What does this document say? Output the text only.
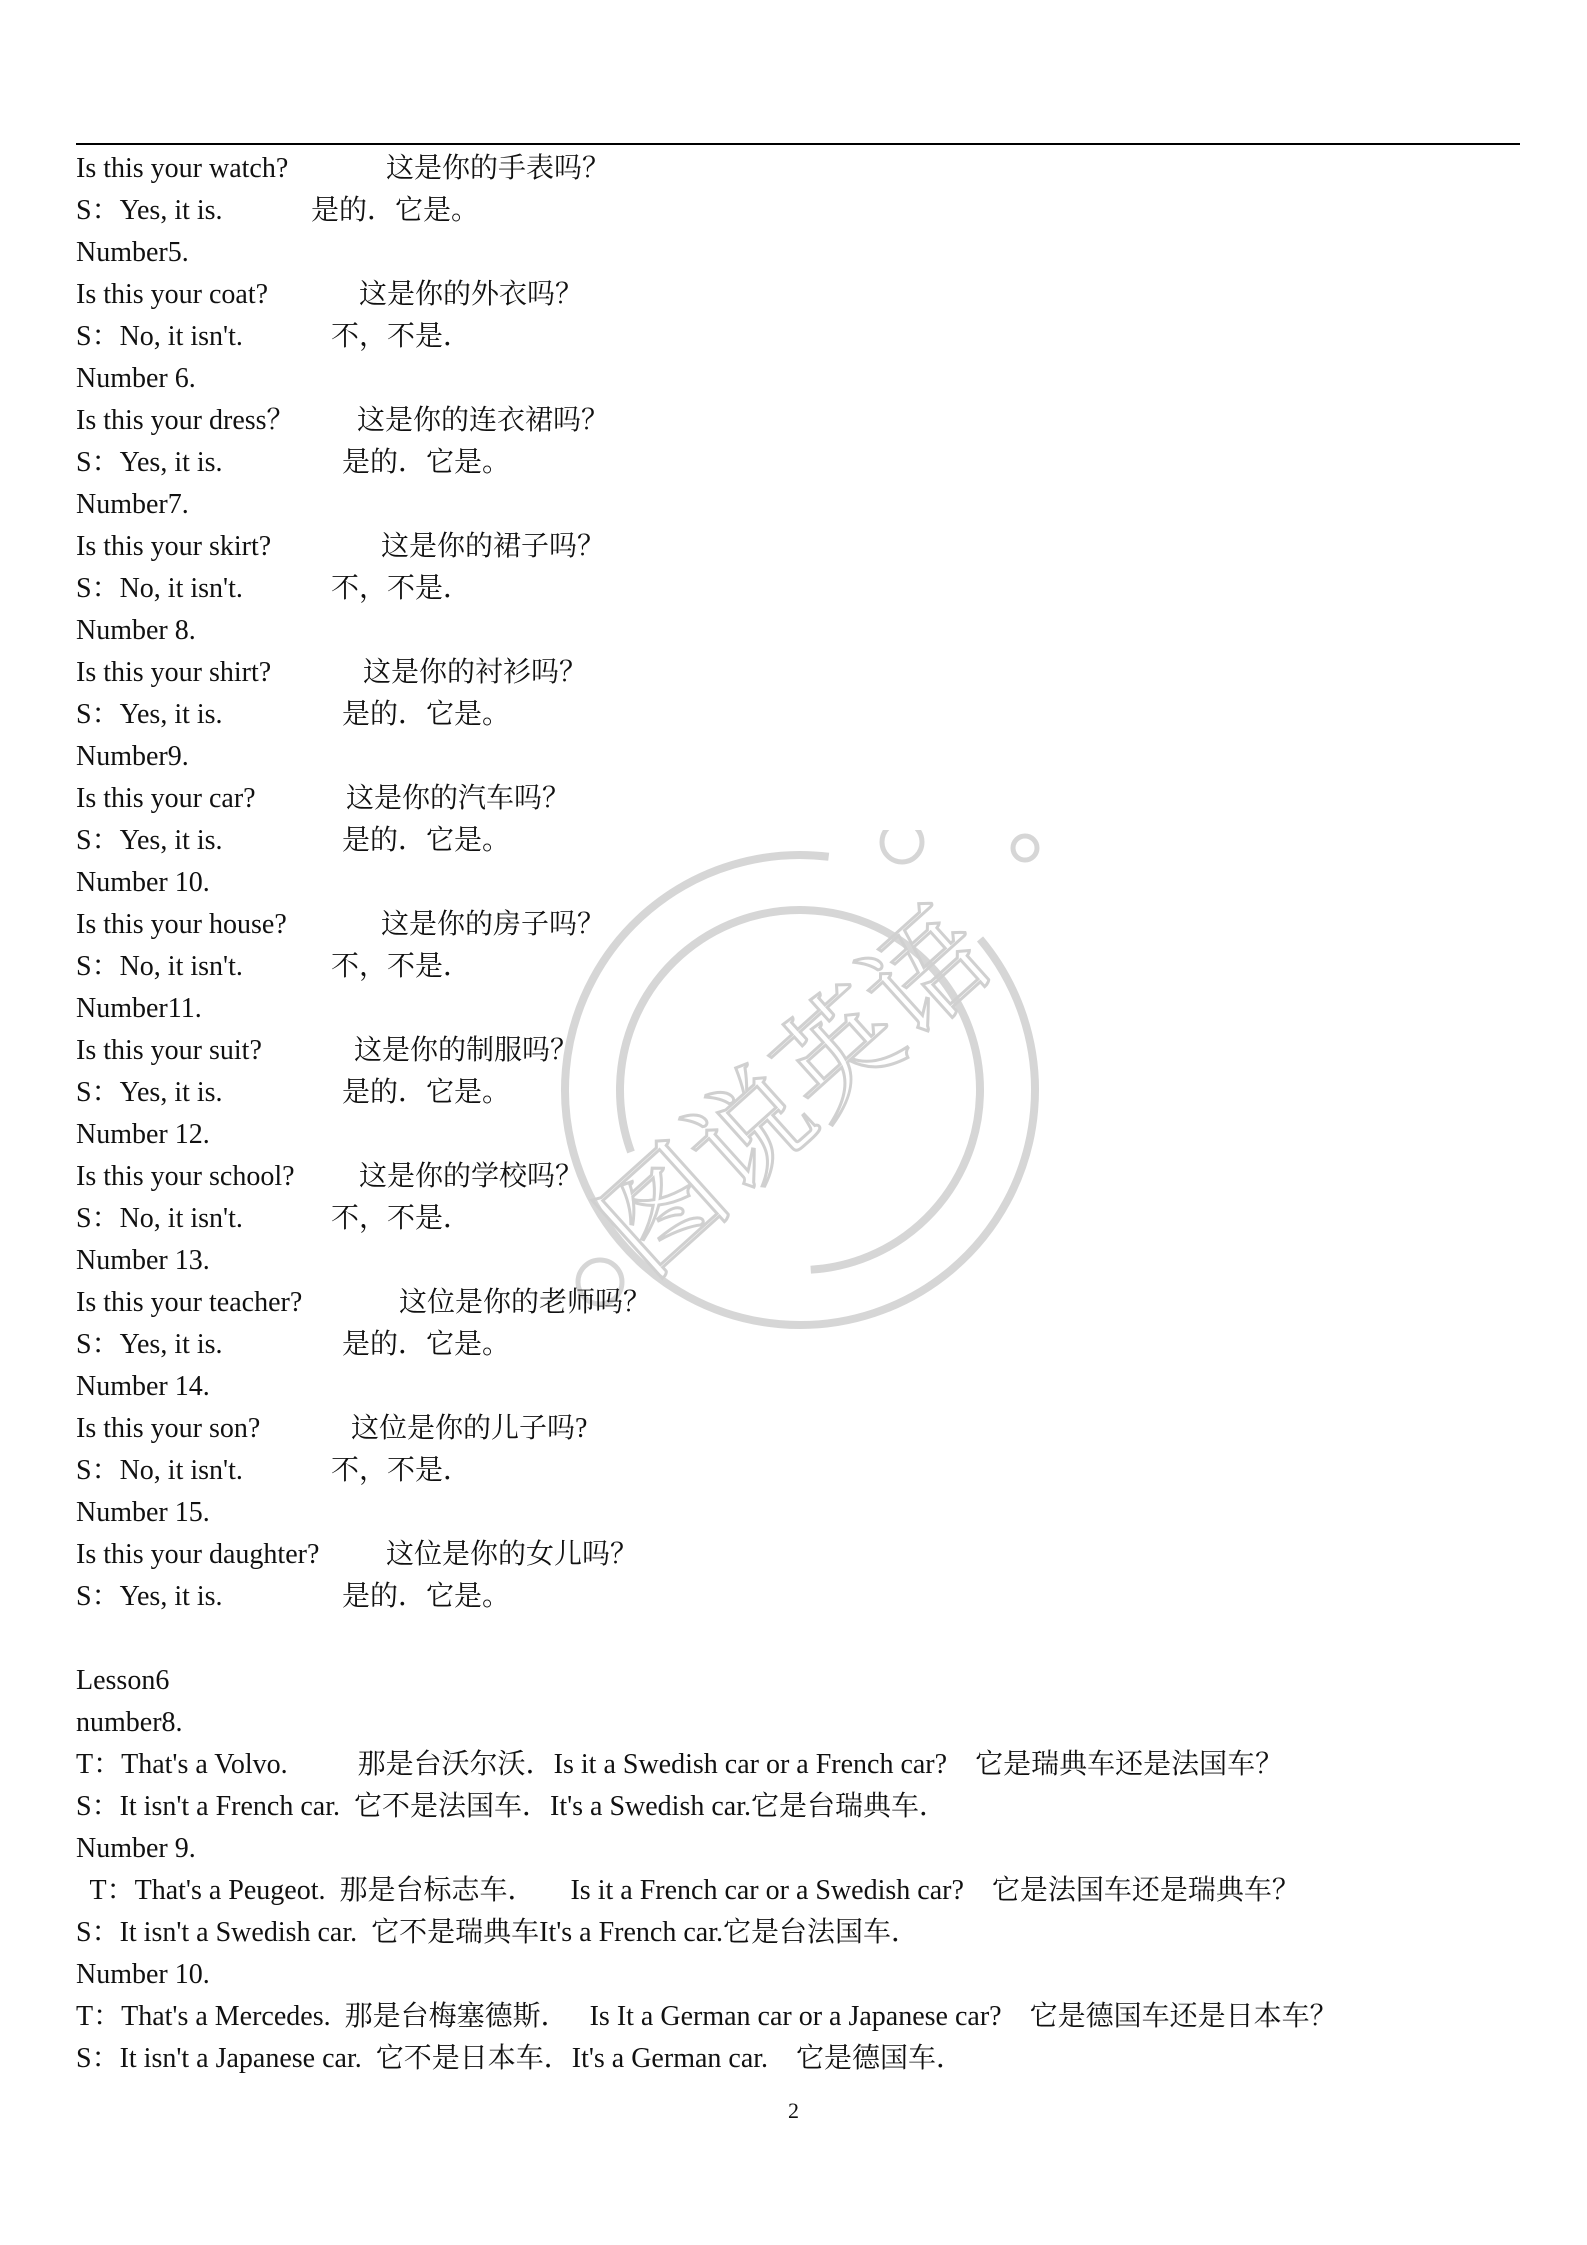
图说英语
Is this your watch?	这是你的手表吗？
S：Yes, it is.	是的．它是。
Number5.
Is this your coat?	这是你的外衣吗？
S：No, it isn't.	不，不是．
Number 6.
Is this your dress？ 这是你的连衣裙吗？
S：Yes, it is.	是的．它是。
Number7.
Is this your skirt?	这是你的裙子吗？
S：No, it isn't.	不，不是．
Number 8.
Is this your shirt?	这是你的衬衫吗？
S：Yes, it is.	是的．它是。
Number9.
Is this your car?	这是你的汽车吗？
S：Yes, it is.	是的．它是。
Number 10.
Is this your house?	这是你的房子吗？
S：No, it isn't.	不，不是．
Number11.
Is this your suit?	这是你的制服吗？
S：Yes, it is.	是的．它是。
Number 12.
Is this your school? 这是你的学校吗？
S：No, it isn't.	不，不是．
Number 13.
Is this your teacher?	这位是你的老师吗？
S：Yes, it is.	是的．它是。
Number 14.
Is this your son?	这位是你的儿子吗?
S：No, it isn't.	不，不是．
Number 15.
Is this your daughter? 这位是你的女儿吗？
S：Yes, it is.	是的．它是。
Lesson6
number8.
T：That's a Volvo.          那是台沃尔沃．Is it a Swedish car or a French car?    它是瑞典车还是法国车？
S：It isn't a French car.  它不是法国车．It's a Swedish car.它是台瑞典车．
Number 9.
T：That's a Peugeot.  那是台标志车．     Is it a French car or a Swedish car?    它是法国车还是瑞典车？
S：It isn't a Swedish car.  它不是瑞典车It's a French car.它是台法国车．
Number 10.
T：That's a Mercedes.  那是台梅塞德斯．   Is It a German car or a Japanese car?    它是德国车还是日本车？
S：It isn't a Japanese car.  它不是日本车．It's a German car.    它是德国车．
2
